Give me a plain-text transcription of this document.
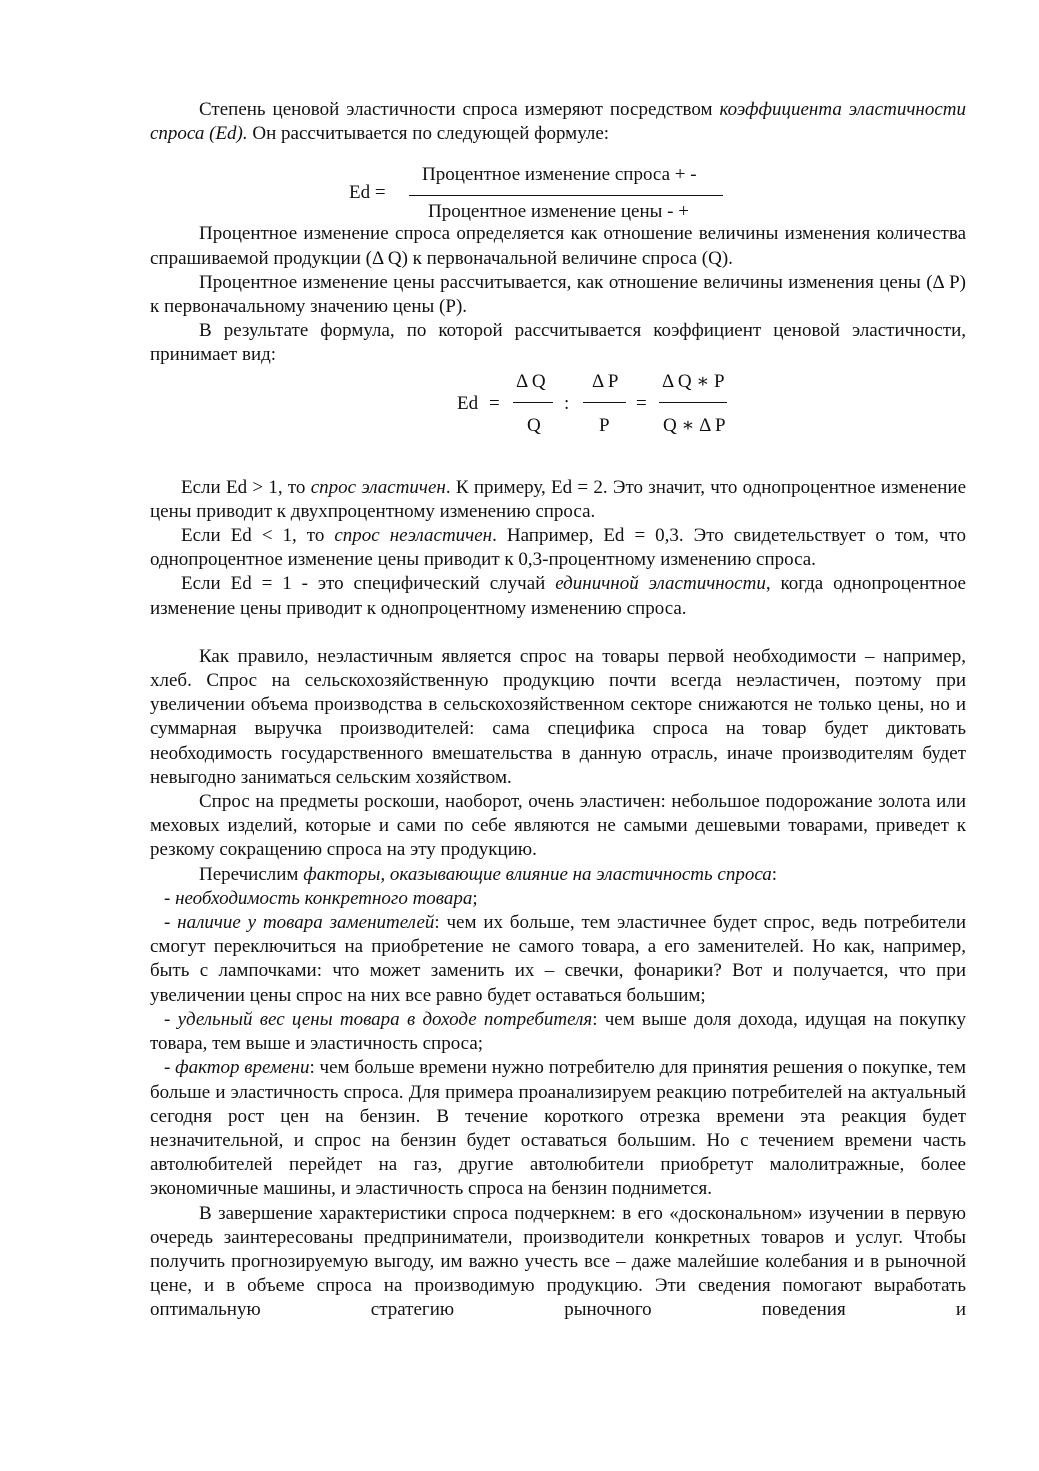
Степень ценовой эластичности спроса измеряют посредством коэффициента эластичности спроса (Ed). Он рассчитывается по следующей формуле:

Ed =
Процентное изменение спроса + -
Процентное изменение цены - +

Процентное изменение спроса определяется как отношение величины изменения количества спрашиваемой продукции (Δ Q) к первоначальной величине спроса (Q).

Процентное изменение цены рассчитывается, как отношение величины изменения цены (Δ P) к первоначальному значению цены (P).

В результате формула, по которой рассчитывается коэффициент ценовой эластичности, принимает вид:

Ed =
Δ Q
Q
:
Δ P
P
=
Δ Q ∗ P
Q ∗ Δ P

Если Ed > 1, то спрос эластичен. К примеру, Ed = 2. Это значит, что однопроцентное изменение цены приводит к двухпроцентному изменению спроса.

Если Ed < 1, то спрос неэластичен. Например, Ed = 0,3. Это свидетельствует о том, что однопроцентное изменение цены приводит к 0,3-процентному изменению спроса.

Если Ed = 1 - это специфический случай единичной эластичности, когда однопроцентное изменение цены приводит к однопроцентному изменению спроса.

Как правило, неэластичным является спрос на товары первой необходимости – например, хлеб. Спрос на сельскохозяйственную продукцию почти всегда неэластичен, поэтому при увеличении объема производства в сельскохозяйственном секторе снижаются не только цены, но и суммарная выручка производителей: сама специфика спроса на товар будет диктовать необходимость государственного вмешательства в данную отрасль, иначе производителям будет невыгодно заниматься сельским хозяйством.

Спрос на предметы роскоши, наоборот, очень эластичен: небольшое подорожание золота или меховых изделий, которые и сами по себе являются не самыми дешевыми товарами, приведет к резкому сокращению спроса на эту продукцию.

Перечислим факторы, оказывающие влияние на эластичность спроса:

- необходимость конкретного товара;

- наличие у товара заменителей: чем их больше, тем эластичнее будет спрос, ведь потребители смогут переключиться на приобретение не самого товара, а его заменителей. Но как, например, быть с лампочками: что может заменить их – свечки, фонарики? Вот и получается, что при увеличении цены спрос на них все равно будет оставаться большим;

- удельный вес цены товара в доходе потребителя: чем выше доля дохода, идущая на покупку товара, тем выше и эластичность спроса;

- фактор времени: чем больше времени нужно потребителю для принятия решения о покупке, тем больше и эластичность спроса. Для примера проанализируем реакцию потребителей на актуальный сегодня рост цен на бензин. В течение короткого отрезка времени эта реакция будет незначительной, и спрос на бензин будет оставаться большим. Но с течением времени часть автолюбителей перейдет на газ, другие автолюбители приобретут малолитражные, более экономичные машины, и эластичность спроса на бензин поднимется.

В завершение характеристики спроса подчеркнем: в его «доскональном» изучении в первую очередь заинтересованы предприниматели, производители конкретных товаров и услуг. Чтобы получить прогнозируемую выгоду, им важно учесть все – даже малейшие колебания и в рыночной цене, и в объеме спроса на производимую продукцию. Эти сведения помогают выработать оптимальную стратегию рыночного поведения и
